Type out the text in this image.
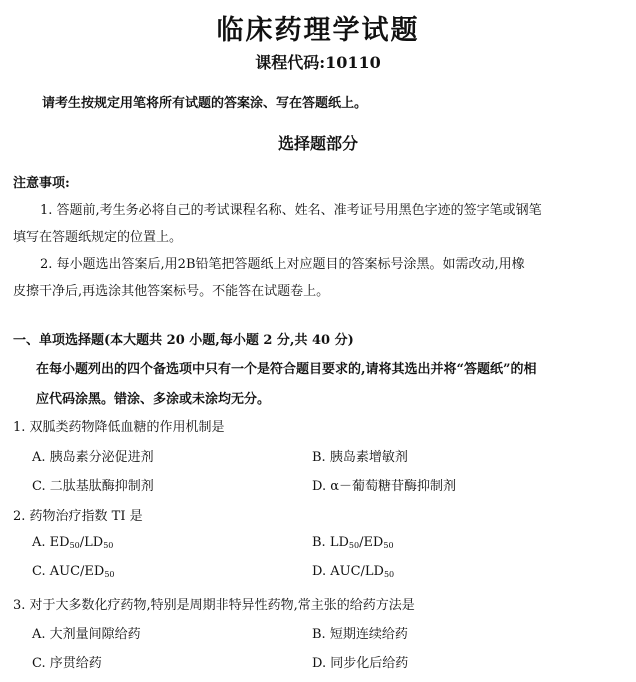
临床药理学试题
课程代码:10110
请考生按规定用笔将所有试题的答案涂、写在答题纸上。
选择题部分
注意事项:
1. 答题前,考生务必将自己的考试课程名称、姓名、准考证号用黑色字迹的签字笔或钢笔
填写在答题纸规定的位置上。
2. 每小题选出答案后,用2B铅笔把答题纸上对应题目的答案标号涂黑。如需改动,用橡
皮擦干净后,再选涂其他答案标号。不能答在试题卷上。
一、单项选择题(本大题共 20 小题,每小题 2 分,共 40 分)
在每小题列出的四个备选项中只有一个是符合题目要求的,请将其选出并将“答题纸”的相
应代码涂黑。错涂、多涂或未涂均无分。
1. 双胍类药物降低血糖的作用机制是
A. 胰岛素分泌促进剂	B. 胰岛素增敏剂
C. 二肽基肽酶抑制剂	D. α－葡萄糖苷酶抑制剂
2. 药物治疗指数 TI 是
A. $ED_{50}/LD_{50}$	B. $LD_{50}/ED_{50}$
C. AUC/$ED_{50}$	D. AUC/$LD_{50}$
3. 对于大多数化疗药物,特别是周期非特异性药物,常主张的给药方法是
A. 大剂量间隙给药	B. 短期连续给药
C. 序贯给药	D. 同步化后给药
